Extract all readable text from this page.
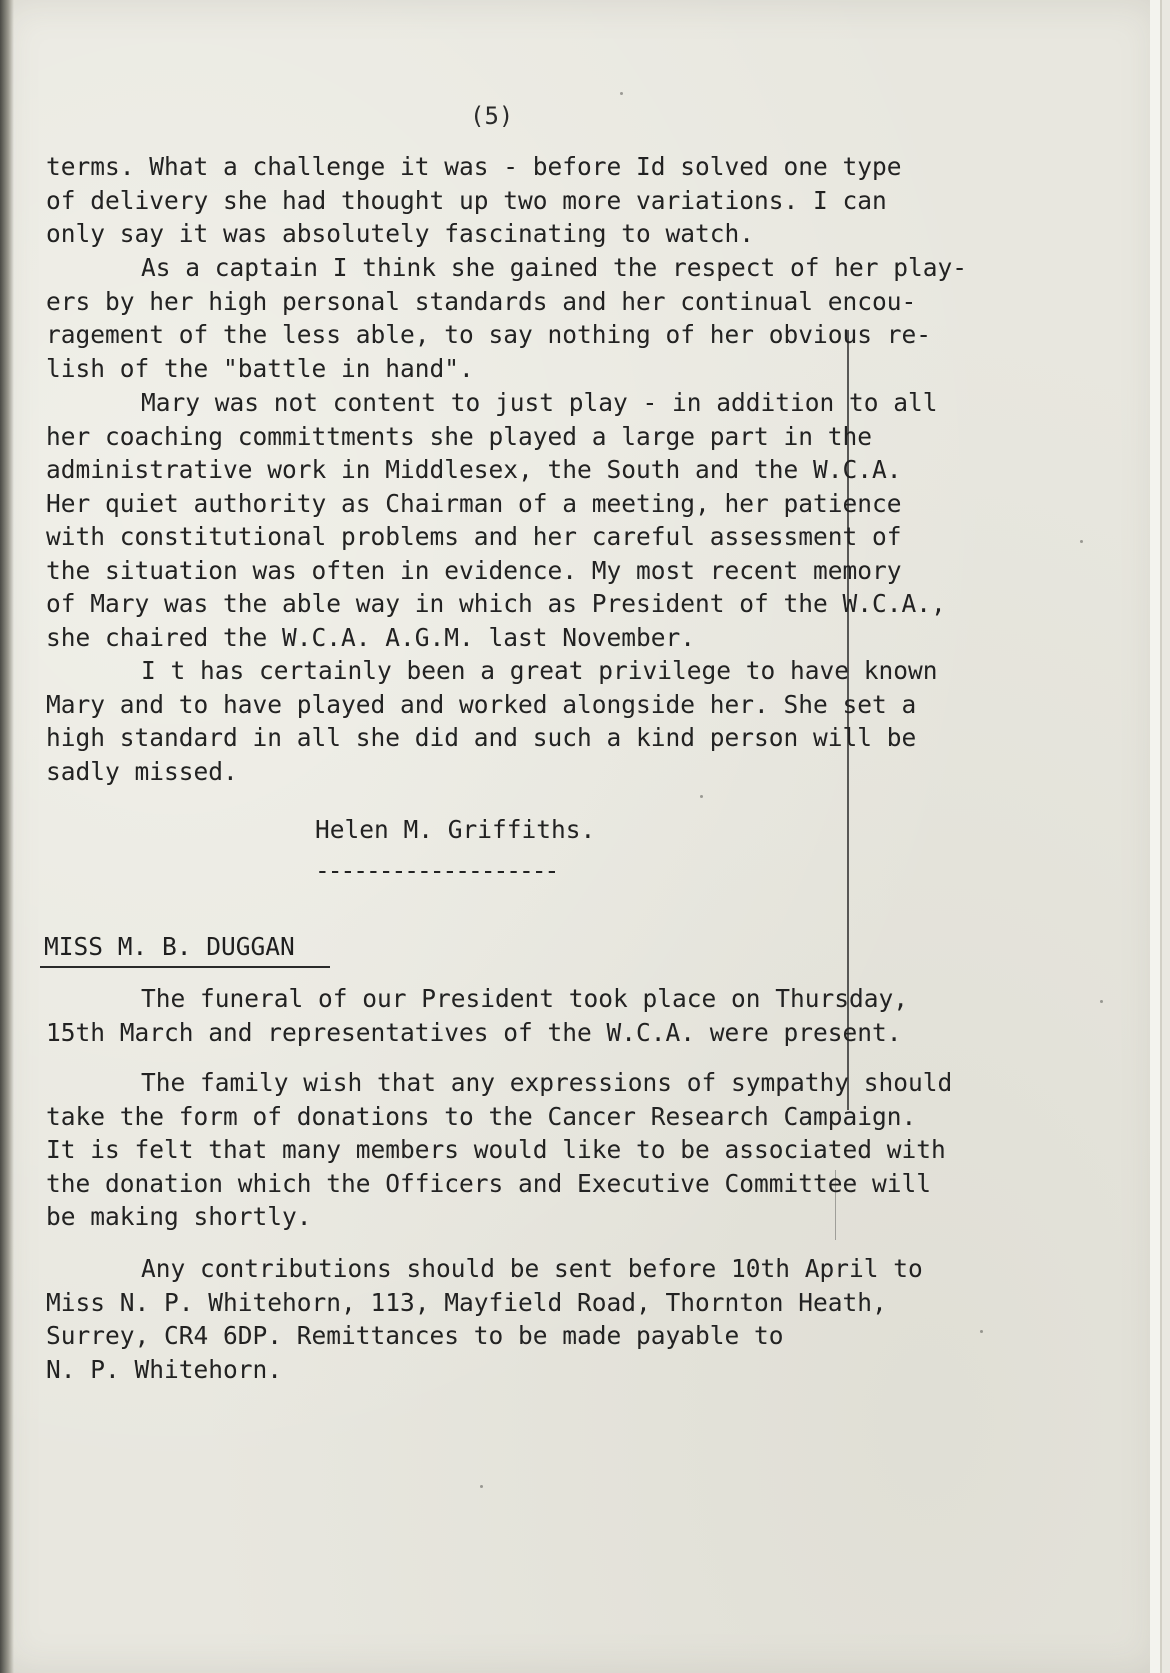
(5)
terms. What a challenge it was - before Id solved one type
of delivery she had thought up two more variations. I can
only say it was absolutely fascinating to watch.
As a captain I think she gained the respect of her play-
ers by her high personal standards and her continual encou-
ragement of the less able, to say nothing of her obvious re-
lish of the "battle in hand".
Mary was not content to just play - in addition to all
her coaching committments she played a large part in the
administrative work in Middlesex, the South and the W.C.A.
Her quiet authority as Chairman of a meeting, her patience
with constitutional problems and her careful assessment of
the situation was often in evidence. My most recent memory
of Mary was the able way in which as President of the W.C.A.,
she chaired the W.C.A. A.G.M. last November.
I t has certainly been a great privilege to have known
Mary and to have played and worked alongside her. She set a
high standard in all she did and such a kind person will be
sadly missed.
Helen M. Griffiths.
-------------------
MISS M. B. DUGGAN
The funeral of our President took place on Thursday,
15th March and representatives of the W.C.A. were present.
The family wish that any expressions of sympathy should
take the form of donations to the Cancer Research Campaign.
It is felt that many members would like to be associated with
the donation which the Officers and Executive Committee will
be making shortly.
Any contributions should be sent before 10th April to
Miss N. P. Whitehorn, 113, Mayfield Road, Thornton Heath,
Surrey, CR4 6DP. Remittances to be made payable to
N. P. Whitehorn.
